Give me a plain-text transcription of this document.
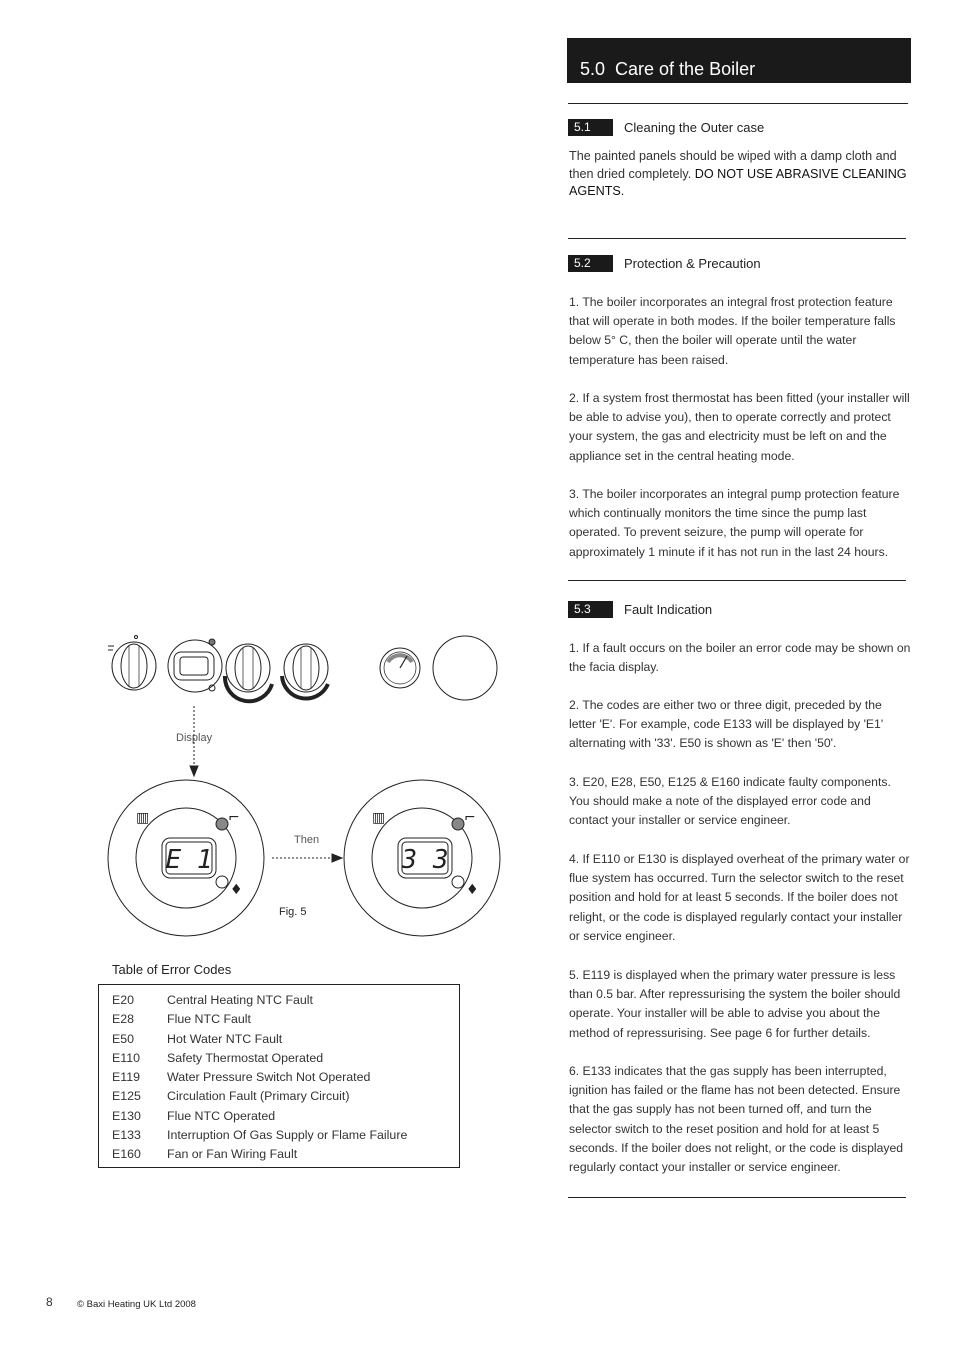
5.0 Care of the Boiler
5.1	Cleaning the Outer case
The painted panels should be wiped with a damp cloth and then dried completely. DO NOT USE ABRASIVE CLEANING AGENTS.
5.2	Protection & Precaution
1. The boiler incorporates an integral frost protection feature that will operate in both modes. If the boiler temperature falls below 5° C, then the boiler will operate until the water temperature has been raised.
2. If a system frost thermostat has been fitted (your installer will be able to advise you), then to operate correctly and protect your system, the gas and electricity must be left on and the appliance set in the central heating mode.
3. The boiler incorporates an integral pump protection feature which continually monitors the time since the pump last operated. To prevent seizure, the pump will operate for approximately 1 minute if it has not run in the last 24 hours.
5.3	Fault Indication
1. If a fault occurs on the boiler an error code may be shown on the facia display.
2. The codes are either two or three digit, preceded by the letter 'E'. For example, code E133 will be displayed by 'E1' alternating with '33'. E50 is shown as 'E' then '50'.
3. E20, E28, E50, E125 & E160 indicate faulty components. You should make a note of the displayed error code and contact your installer or service engineer.
4. If E110 or E130 is displayed overheat of the primary water or flue system has occurred. Turn the selector switch to the reset position and hold for at least 5 seconds. If the boiler does not relight, or the code is displayed regularly contact your installer or service engineer.
5. E119 is displayed when the primary water pressure is less than 0.5 bar. After repressurising the system the boiler should operate. Your installer will be able to advise you about the method of repressurising. See page 6 for further details.
6. E133 indicates that the gas supply has been interrupted, ignition has failed or the flame has not been detected. Ensure that the gas supply has not been turned off, and turn the selector switch to the reset position and hold for at least 5 seconds. If the boiler does not relight, or the code is displayed regularly contact your installer or service engineer.
E 1	3 3
▥	⌐
♦
▥	⌐
♦
Display
Then
Fig. 5
Table of Error Codes
E20	Central Heating NTC Fault
E28	Flue NTC Fault
E50	Hot Water NTC Fault
E110 Safety Thermostat Operated
E119 Water Pressure Switch Not Operated
E125 Circulation Fault (Primary Circuit)
E130 Flue NTC Operated
E133 Interruption Of Gas Supply or Flame Failure
E160 Fan or Fan Wiring Fault
8	© Baxi Heating UK Ltd 2008
